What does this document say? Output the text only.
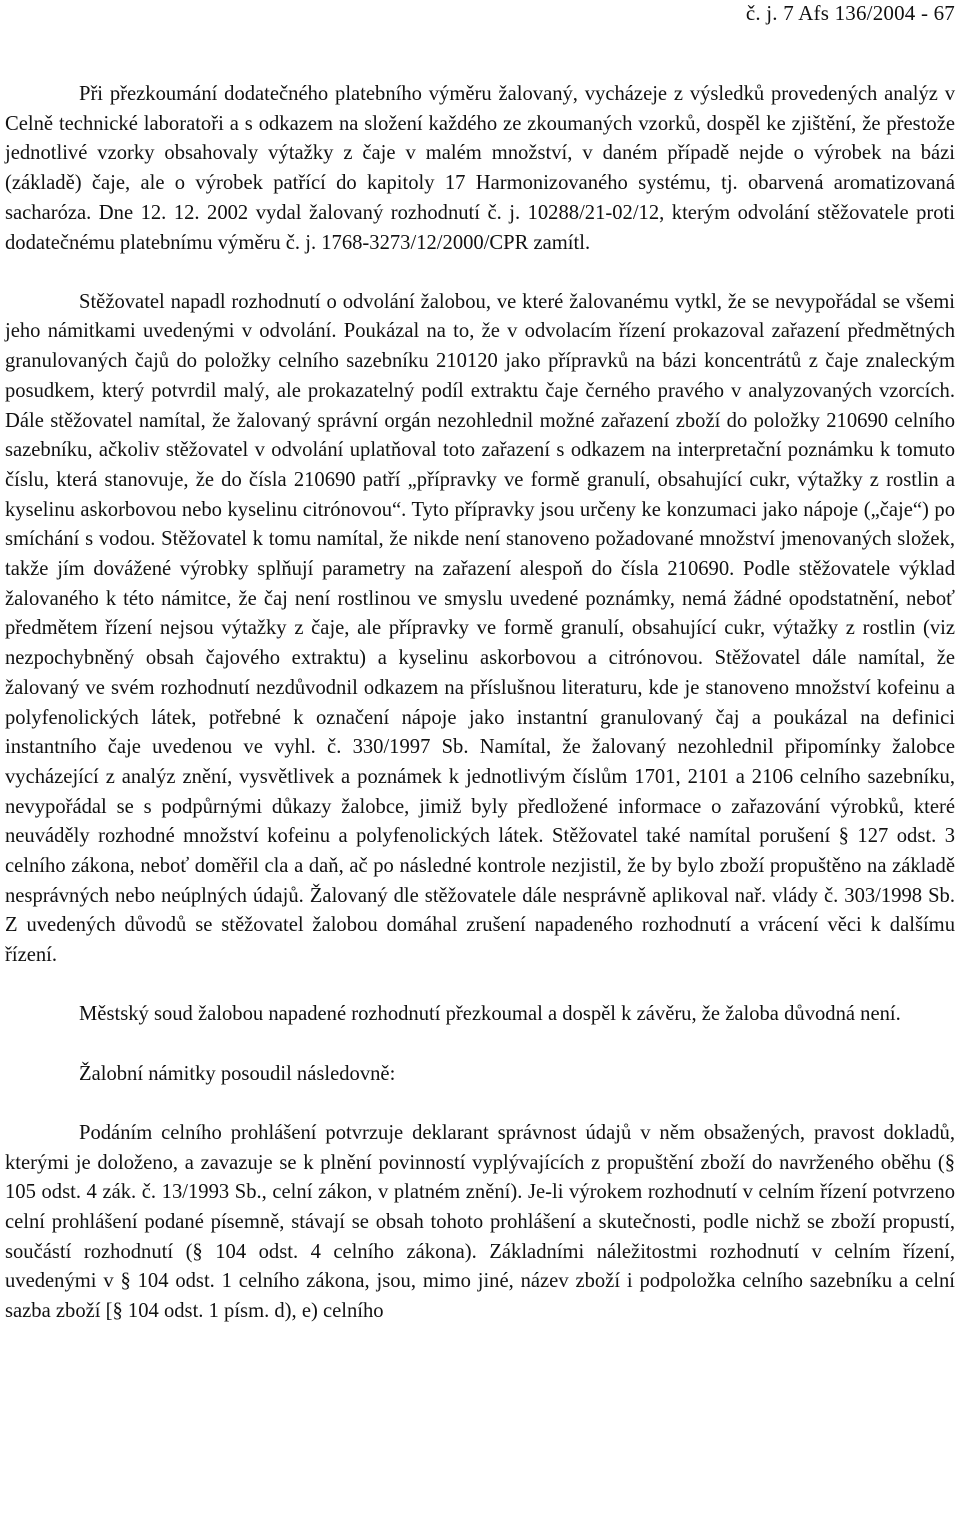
č. j. 7 Afs 136/2004 - 67

Při přezkoumání dodatečného platebního výměru žalovaný, vycházeje z výsledků provedených analýz v Celně technické laboratoři a s odkazem na složení každého ze zkoumaných vzorků, dospěl ke zjištění, že přestože jednotlivé vzorky obsahovaly výtažky z čaje v malém množství, v daném případě nejde o výrobek na bázi (základě) čaje, ale o výrobek patřící do kapitoly 17 Harmonizovaného systému, tj. obarvená aromatizovaná sacharóza. Dne 12. 12. 2002 vydal žalovaný rozhodnutí č. j. 10288/21-02/12, kterým odvolání stěžovatele proti dodatečnému platebnímu výměru č. j. 1768-3273/12/2000/CPR zamítl.

Stěžovatel napadl rozhodnutí o odvolání žalobou, ve které žalovanému vytkl, že se nevypořádal se všemi jeho námitkami uvedenými v odvolání. Poukázal na to, že v odvolacím řízení prokazoval zařazení předmětných granulovaných čajů do položky celního sazebníku 210120 jako přípravků na bázi koncentrátů z čaje znaleckým posudkem, který potvrdil malý, ale prokazatelný podíl extraktu čaje černého pravého v analyzovaných vzorcích. Dále stěžovatel namítal, že žalovaný správní orgán nezohlednil možné zařazení zboží do položky 210690 celního sazebníku, ačkoliv stěžovatel v odvolání uplatňoval toto zařazení s odkazem na interpretační poznámku k tomuto číslu, která stanovuje, že do čísla 210690 patří „přípravky ve formě granulí, obsahující cukr, výtažky z rostlin a kyselinu askorbovou nebo kyselinu citrónovou“. Tyto přípravky jsou určeny ke konzumaci jako nápoje („čaje“) po smíchání s vodou. Stěžovatel k tomu namítal, že nikde není stanoveno požadované množství jmenovaných složek, takže jím dovážené výrobky splňují parametry na zařazení alespoň do čísla 210690. Podle stěžovatele výklad žalovaného k této námitce, že čaj není rostlinou ve smyslu uvedené poznámky, nemá žádné opodstatnění, neboť předmětem řízení nejsou výtažky z čaje, ale přípravky ve formě granulí, obsahující cukr, výtažky z rostlin (viz nezpochybněný obsah čajového extraktu) a kyselinu askorbovou a citrónovou. Stěžovatel dále namítal, že žalovaný ve svém rozhodnutí nezdůvodnil odkazem na příslušnou literaturu, kde je stanoveno množství kofeinu a polyfenolických látek, potřebné k označení nápoje jako instantní granulovaný čaj a poukázal na definici instantního čaje uvedenou ve vyhl. č. 330/1997 Sb. Namítal, že žalovaný nezohlednil připomínky žalobce vycházející z analýz znění, vysvětlivek a poznámek k jednotlivým číslům 1701, 2101 a 2106 celního sazebníku, nevypořádal se s podpůrnými důkazy žalobce, jimiž byly předložené informace o zařazování výrobků, které neuváděly rozhodné množství kofeinu a polyfenolických látek. Stěžovatel také namítal porušení § 127 odst. 3 celního zákona, neboť doměřil cla a daň, ač po následné kontrole nezjistil, že by bylo zboží propuštěno na základě nesprávných nebo neúplných údajů. Žalovaný dle stěžovatele dále nesprávně aplikoval nař. vlády č. 303/1998 Sb. Z uvedených důvodů se stěžovatel žalobou domáhal zrušení napadeného rozhodnutí a vrácení věci k dalšímu řízení.

Městský soud žalobou napadené rozhodnutí přezkoumal a dospěl k závěru, že žaloba důvodná není.

Žalobní námitky posoudil následovně:

Podáním celního prohlášení potvrzuje deklarant správnost údajů v něm obsažených, pravost dokladů, kterými je doloženo, a zavazuje se k plnění povinností vyplývajících z propuštění zboží do navrženého oběhu (§ 105 odst. 4 zák. č. 13/1993 Sb., celní zákon, v platném znění). Je-li výrokem rozhodnutí v celním řízení potvrzeno celní prohlášení podané písemně, stávají se obsah tohoto prohlášení a skutečnosti, podle nichž se zboží propustí, součástí rozhodnutí (§ 104 odst. 4 celního zákona). Základními náležitostmi rozhodnutí v celním řízení, uvedenými v § 104 odst. 1 celního zákona, jsou, mimo jiné, název zboží i podpoložka celního sazebníku a celní sazba zboží [§ 104 odst. 1 písm. d), e) celního
